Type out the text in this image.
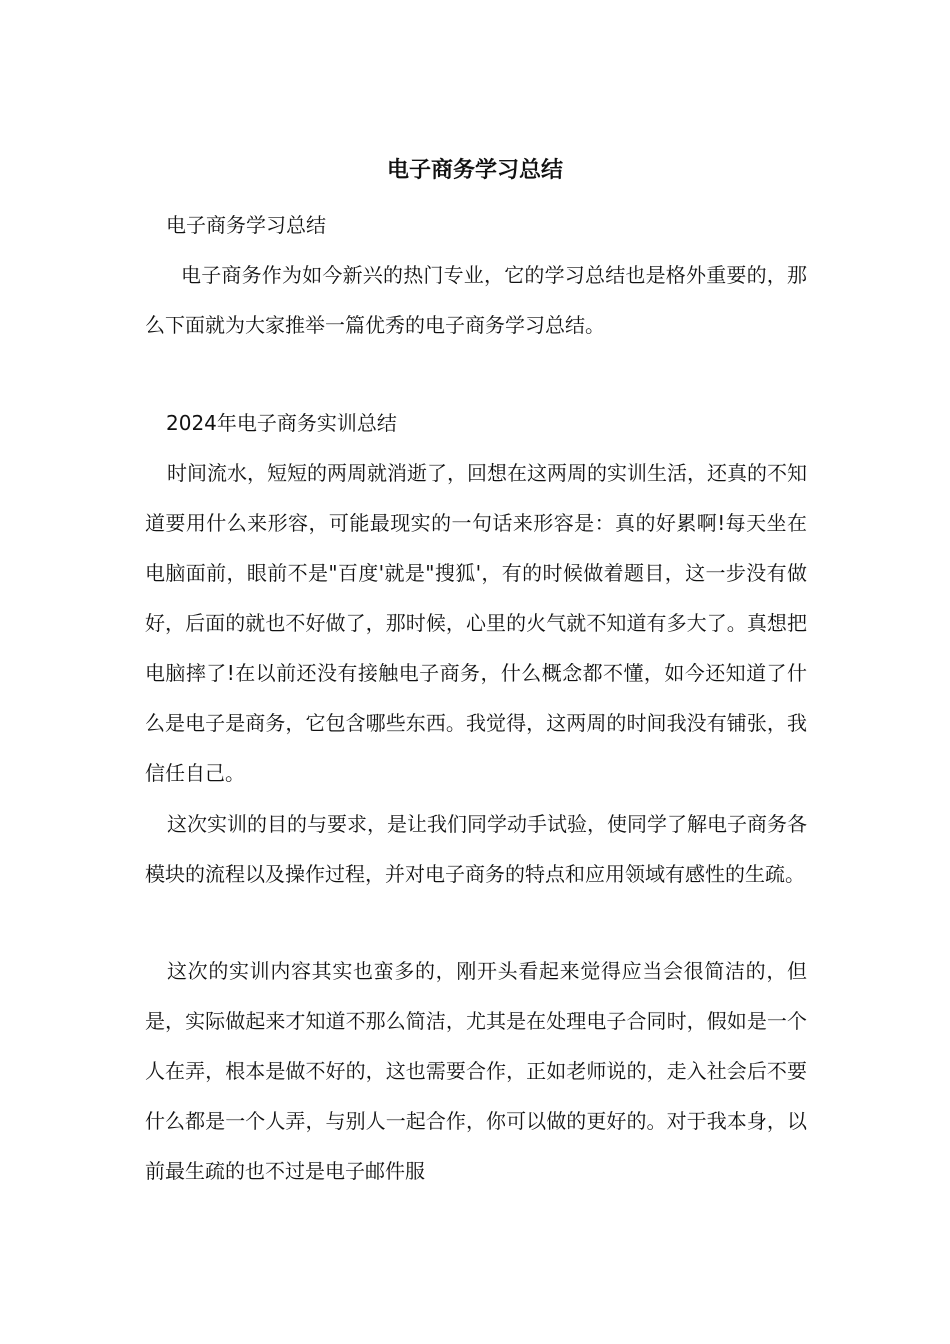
电子商务学习总结
电子商务学习总结

电子商务作为如今新兴的热门专业，它的学习总结也是格外重要的，那么下面就为大家推举一篇优秀的电子商务学习总结。

2024年电子商务实训总结

时间流水，短短的两周就消逝了，回想在这两周的实训生活，还真的不知道要用什么来形容，可能最现实的一句话来形容是：真的好累啊!每天坐在电脑面前，眼前不是"百度'就是"搜狐'，有的时候做着题目，这一步没有做好，后面的就也不好做了，那时候，心里的火气就不知道有多大了。真想把电脑摔了!在以前还没有接触电子商务，什么概念都不懂，如今还知道了什么是电子是商务，它包含哪些东西。我觉得，这两周的时间我没有铺张，我信任自己。

这次实训的目的与要求，是让我们同学动手试验，使同学了解电子商务各模块的流程以及操作过程，并对电子商务的特点和应用领域有感性的生疏。

这次的实训内容其实也蛮多的，刚开头看起来觉得应当会很简洁的，但是，实际做起来才知道不那么简洁，尤其是在处理电子合同时，假如是一个人在弄，根本是做不好的，这也需要合作，正如老师说的，走入社会后不要什么都是一个人弄，与别人一起合作，你可以做的更好的。对于我本身，以前最生疏的也不过是电子邮件服
